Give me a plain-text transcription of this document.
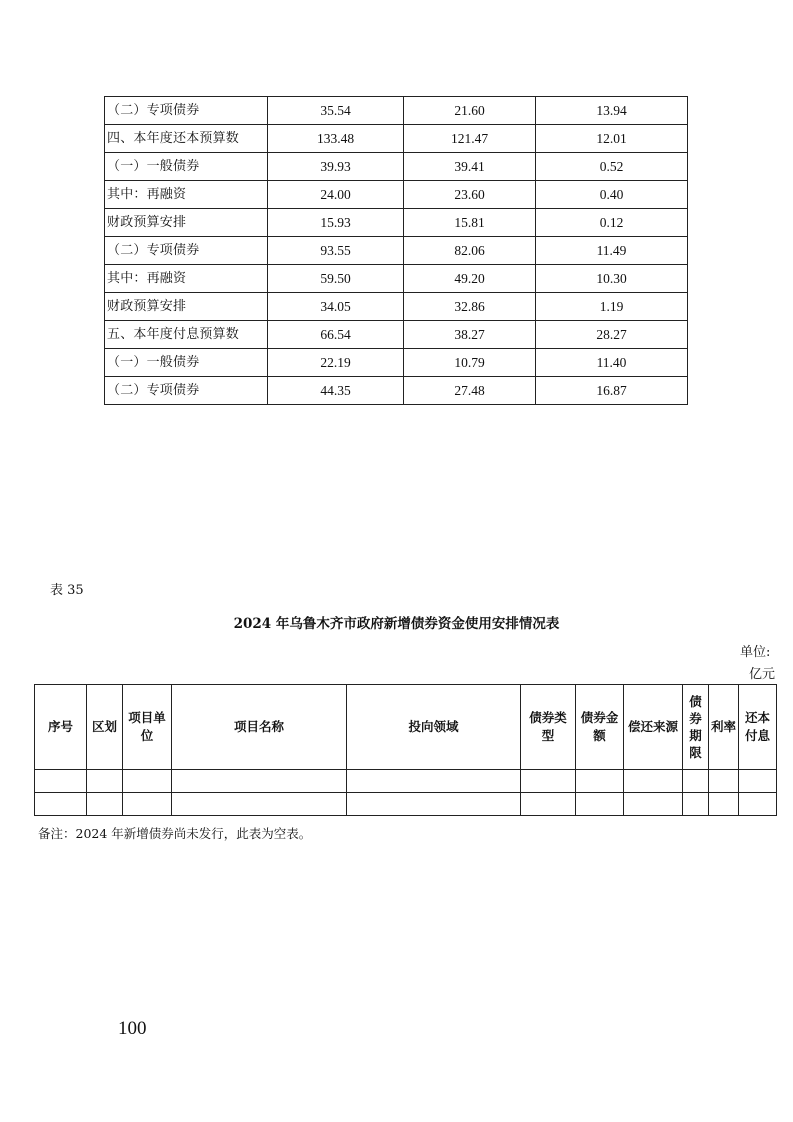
（二）专项债券	35.54	21.60	13.94
四、本年度还本预算数	133.48	121.47	12.01
（一）一般债券	39.93	39.41	0.52
其中：再融资	24.00	23.60	0.40
财政预算安排	15.93	15.81	0.12
（二）专项债券	93.55	82.06	11.49
其中：再融资	59.50	49.20	10.30
财政预算安排	34.05	32.86	1.19
五、本年度付息预算数	66.54	38.27	28.27
（一）一般债券	22.19	10.79	11.40
（二）专项债券	44.35	27.48	16.87
表 35
2024 年乌鲁木齐市政府新增债券资金使用安排情况表
单位:
亿元
序号	区划	项目单位	项目名称	投向领域	债券类型	债券金额	偿还来源	债券期限	利率	还本付息

备注：2024 年新增债券尚未发行，此表为空表。
100
